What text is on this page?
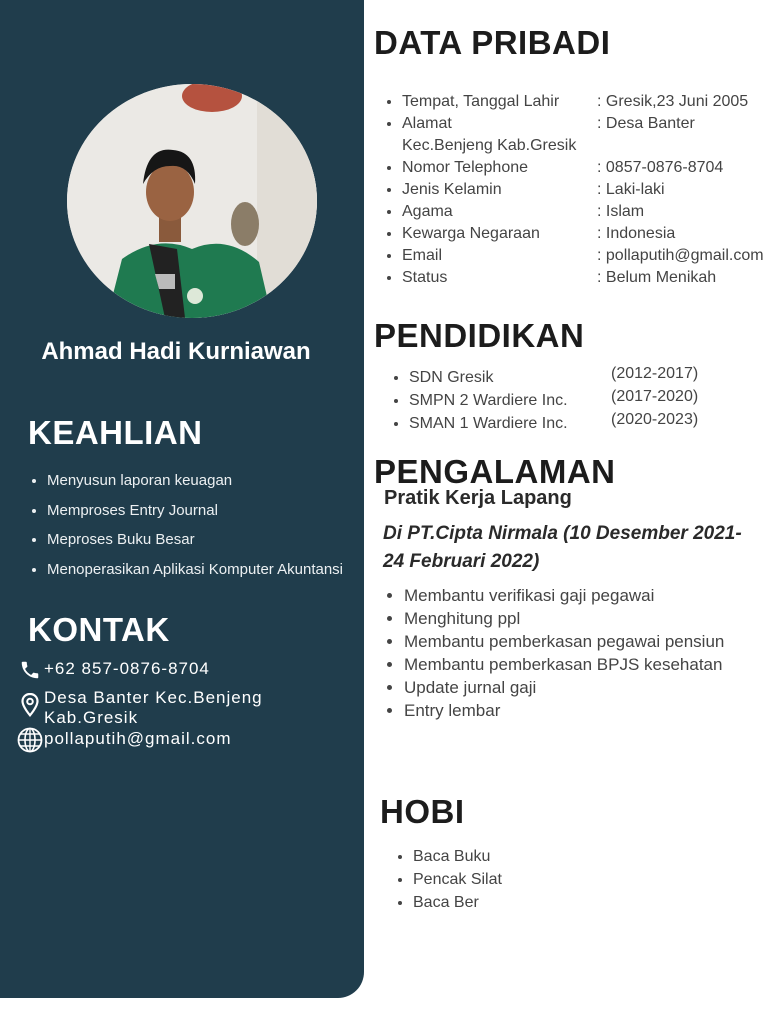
Ahmad Hadi Kurniawan
KEAHLIAN
• Menyusun laporan keuagan
• Memproses Entry Journal
• Meproses Buku Besar
• Menoperasikan Aplikasi Komputer Akuntansi
KONTAK
+62 857-0876-8704
Desa Banter Kec.Benjeng Kab.Gresik
pollaputih@gmail.com
DATA PRIBADI
• Tempat, Tanggal Lahir : Gresik,23 Juni 2005
• Alamat	: Desa Banter Kec.Benjeng Kab.Gresik
• Nomor Telephone	: 0857-0876-8704
• Jenis Kelamin	: Laki-laki
• Agama	: Islam
• Kewarga Negaraan	: Indonesia
• Email	: pollaputih@gmail.com
• Status	: Belum Menikah
PENDIDIKAN
• SDN Gresik	(2012-2017)
• SMPN 2 Wardiere Inc.	(2017-2020)
• SMAN 1 Wardiere Inc.	(2020-2023)
PENGALAMAN
Pratik Kerja Lapang
Di PT.Cipta Nirmala (10 Desember 2021-24 Februari 2022)
• Membantu verifikasi gaji pegawai
• Menghitung ppl
• Membantu pemberkasan pegawai pensiun
• Membantu pemberkasan BPJS kesehatan
• Update jurnal gaji
• Entry lembar
HOBI
• Baca Buku
• Pencak Silat
• Baca Ber
